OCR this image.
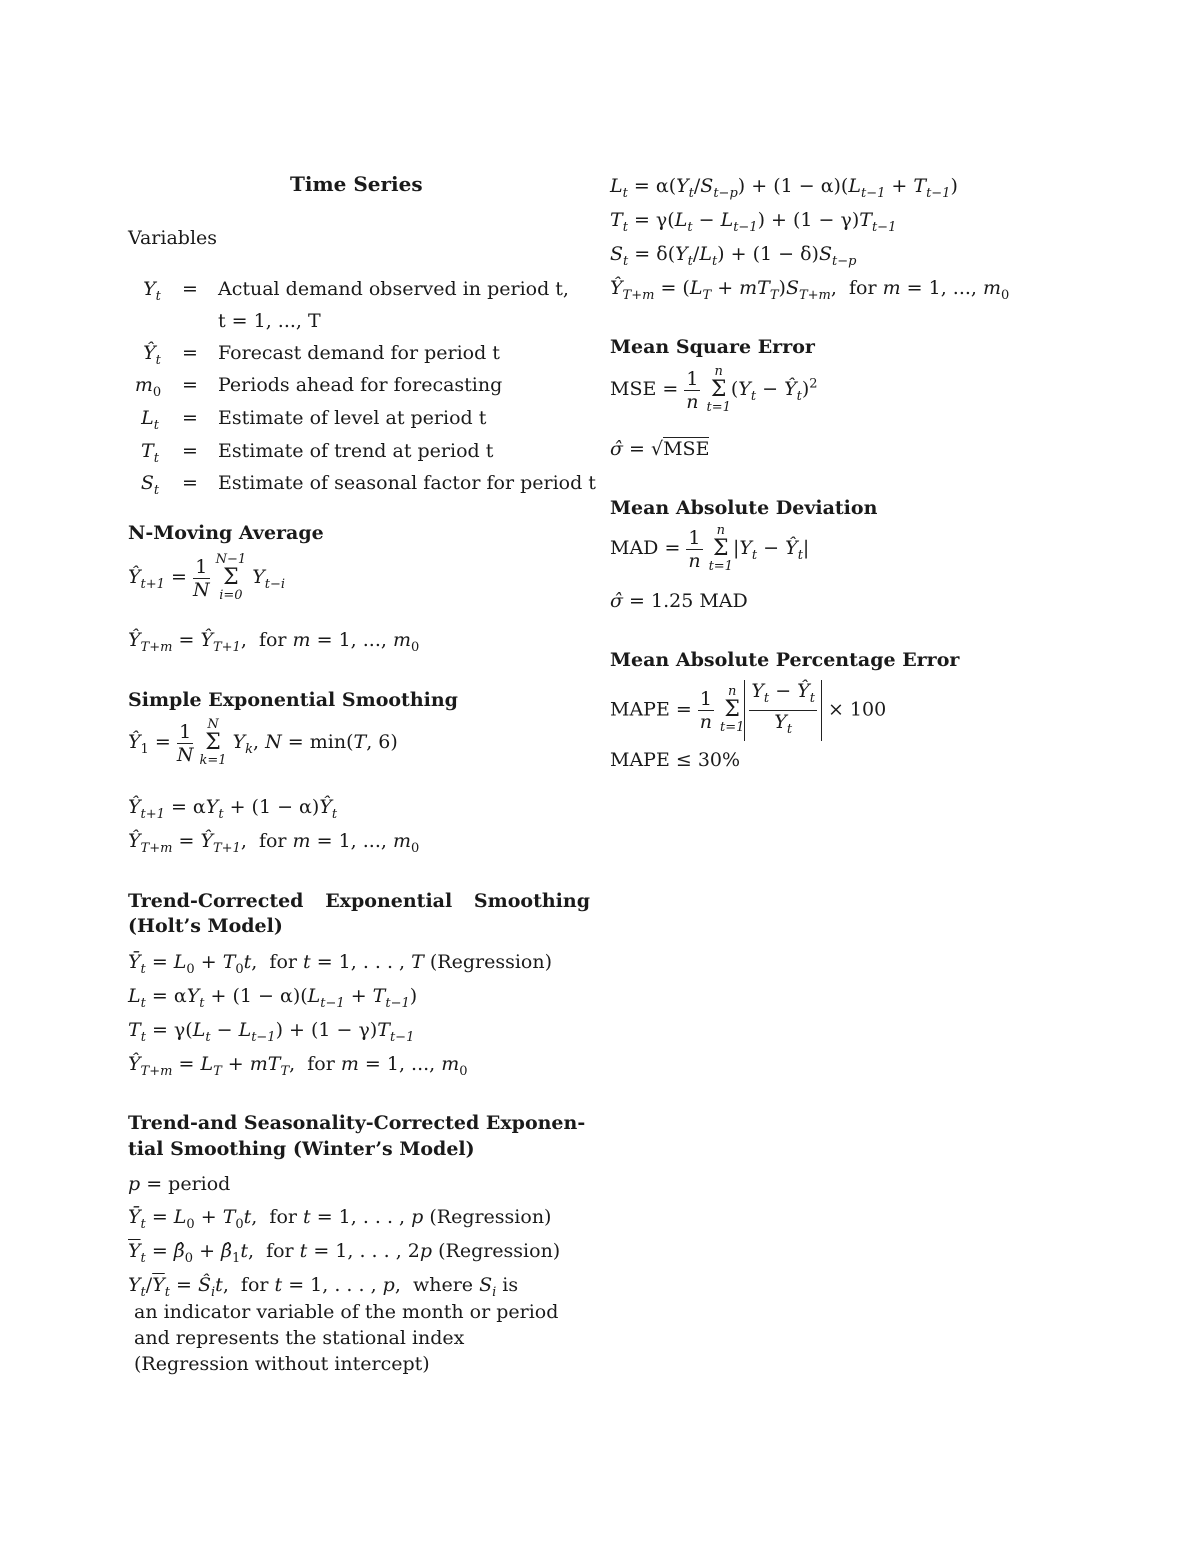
Time Series
Variables
$Y_t$	= Actual demand observed in period t,
t = 1, ..., T
$Ŷ_t$	= Forecast demand for period t
$m_0$	= Periods ahead for forecasting
$L_t$	= Estimate of level at period t
$T_t$	= Estimate of trend at period t
$S_t$	= Estimate of seasonal factor for period t
N-Moving Average
$Ŷ_{t+1} = \frac{1}{N}$
N−1
Σ
i=0
$Y_{t-i}$
$Ŷ_{T+m}$ = $Ŷ_{T+1}$,  for m = 1, ..., $m_0$
Simple Exponential Smoothing
$Ŷ_1 = \frac{1}{N}$
	N
Σ
k=1
$Y_k$, N = min(T, 6)
$Ŷ_{t+1} = \alpha Y_t + (1$ − $\alpha)Ŷ_t$
$Ŷ_{T+m}$ = $Ŷ_{T+1}$,  for m = 1, ..., $m_0$
Trend-Corrected Exponential Smoothing
(Holt’s Model)
$Ȳ_t = L_0 + T_0t$,  for t = 1, . . . , T (Regression)
$L_t = \alpha Y_t + (1 - \alpha)(L_{t-1} + T_{t-1})$
$T_t = \gamma(L_t - L_{t-1}) + (1 - \gamma)T_{t-1}$
$Ŷ_{T+m} = L_T + mT_T$,  for m = 1, ..., $m_0$
Trend-and Seasonality-Corrected Exponen-
tial Smoothing (Winter’s Model)
p = period
$Ȳ_t = L_0 + T_0t$,  for t = 1, . . . , p (Regression)
$\overline{Y}_t$ = $\betâ_0$ + $\betâ_1t$,  for t = 1, . . . , 2p (Regression)
$Y_t/\overline{Y}_t$ = $Ŝ_it$,  for t = 1, . . . , p,  where $S_i$ is
an indicator variable of the month or period
and represents the stational index
(Regression without intercept)
$L_t = \alpha(Y_t/S_{t-p}) + (1 - \alpha)(L_{t-1} + T_{t-1})$
$T_t = \gamma(L_t - L_{t-1}) + (1 - \gamma)T_{t-1}$
$S_t = \delta(Y_t/L_t) + (1 - \delta)S_{t-p}$
$Ŷ_{T+m} = (L_T + mT_T)S_{T+m}$,  for m = 1, ..., $m_0$
Mean Square Error
MSE = $\frac{1}{n}$
	n
Σ
t=1
($Y_t$ − $Ŷ_t)^2$
σ̂ = √MSE
Mean Absolute Deviation
MAD = $\frac{1}{n}$
	n
Σ
t=1
$|Y_t$ − $Ŷ_t|$
σ̂ = 1.25 MAD
Mean Absolute Percentage Error
MAPE = $\frac{1}{n}$
	n
Σ
$t=1 \frac{Y_t - Ŷ_t}{Y_t} \times 100$
MAPE ≤ 30%
